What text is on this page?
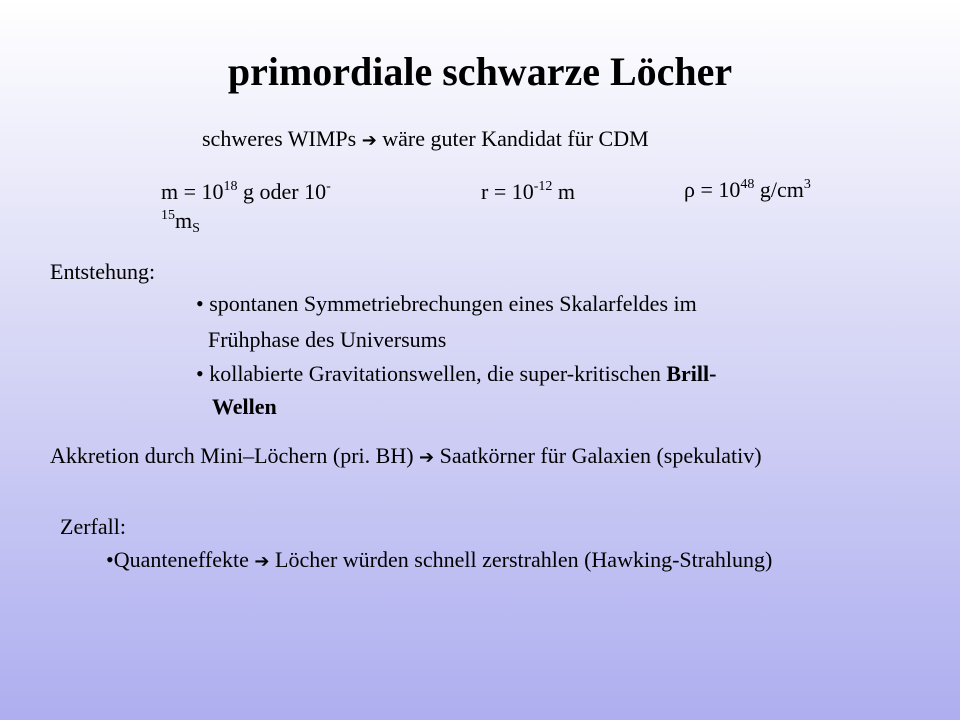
primordiale schwarze Löcher
schweres WIMPs ➔ wäre guter Kandidat für CDM
$m = 10^{18}$ g oder 10-
$^{15}m_S$
$r = 10^{-12}$ m	$\rho = 10^{48}$ $g/cm^3$
Entstehung:
• spontanen Symmetriebrechungen eines Skalarfeldes im
Frühphase des Universums
• kollabierte Gravitationswellen, die super-kritischen Brill-
Wellen
Akkretion durch Mini–Löchern (pri. BH) ➔ Saatkörner für Galaxien (spekulativ)
Zerfall:
•Quanteneffekte ➔ Löcher würden schnell zerstrahlen (Hawking-Strahlung)
